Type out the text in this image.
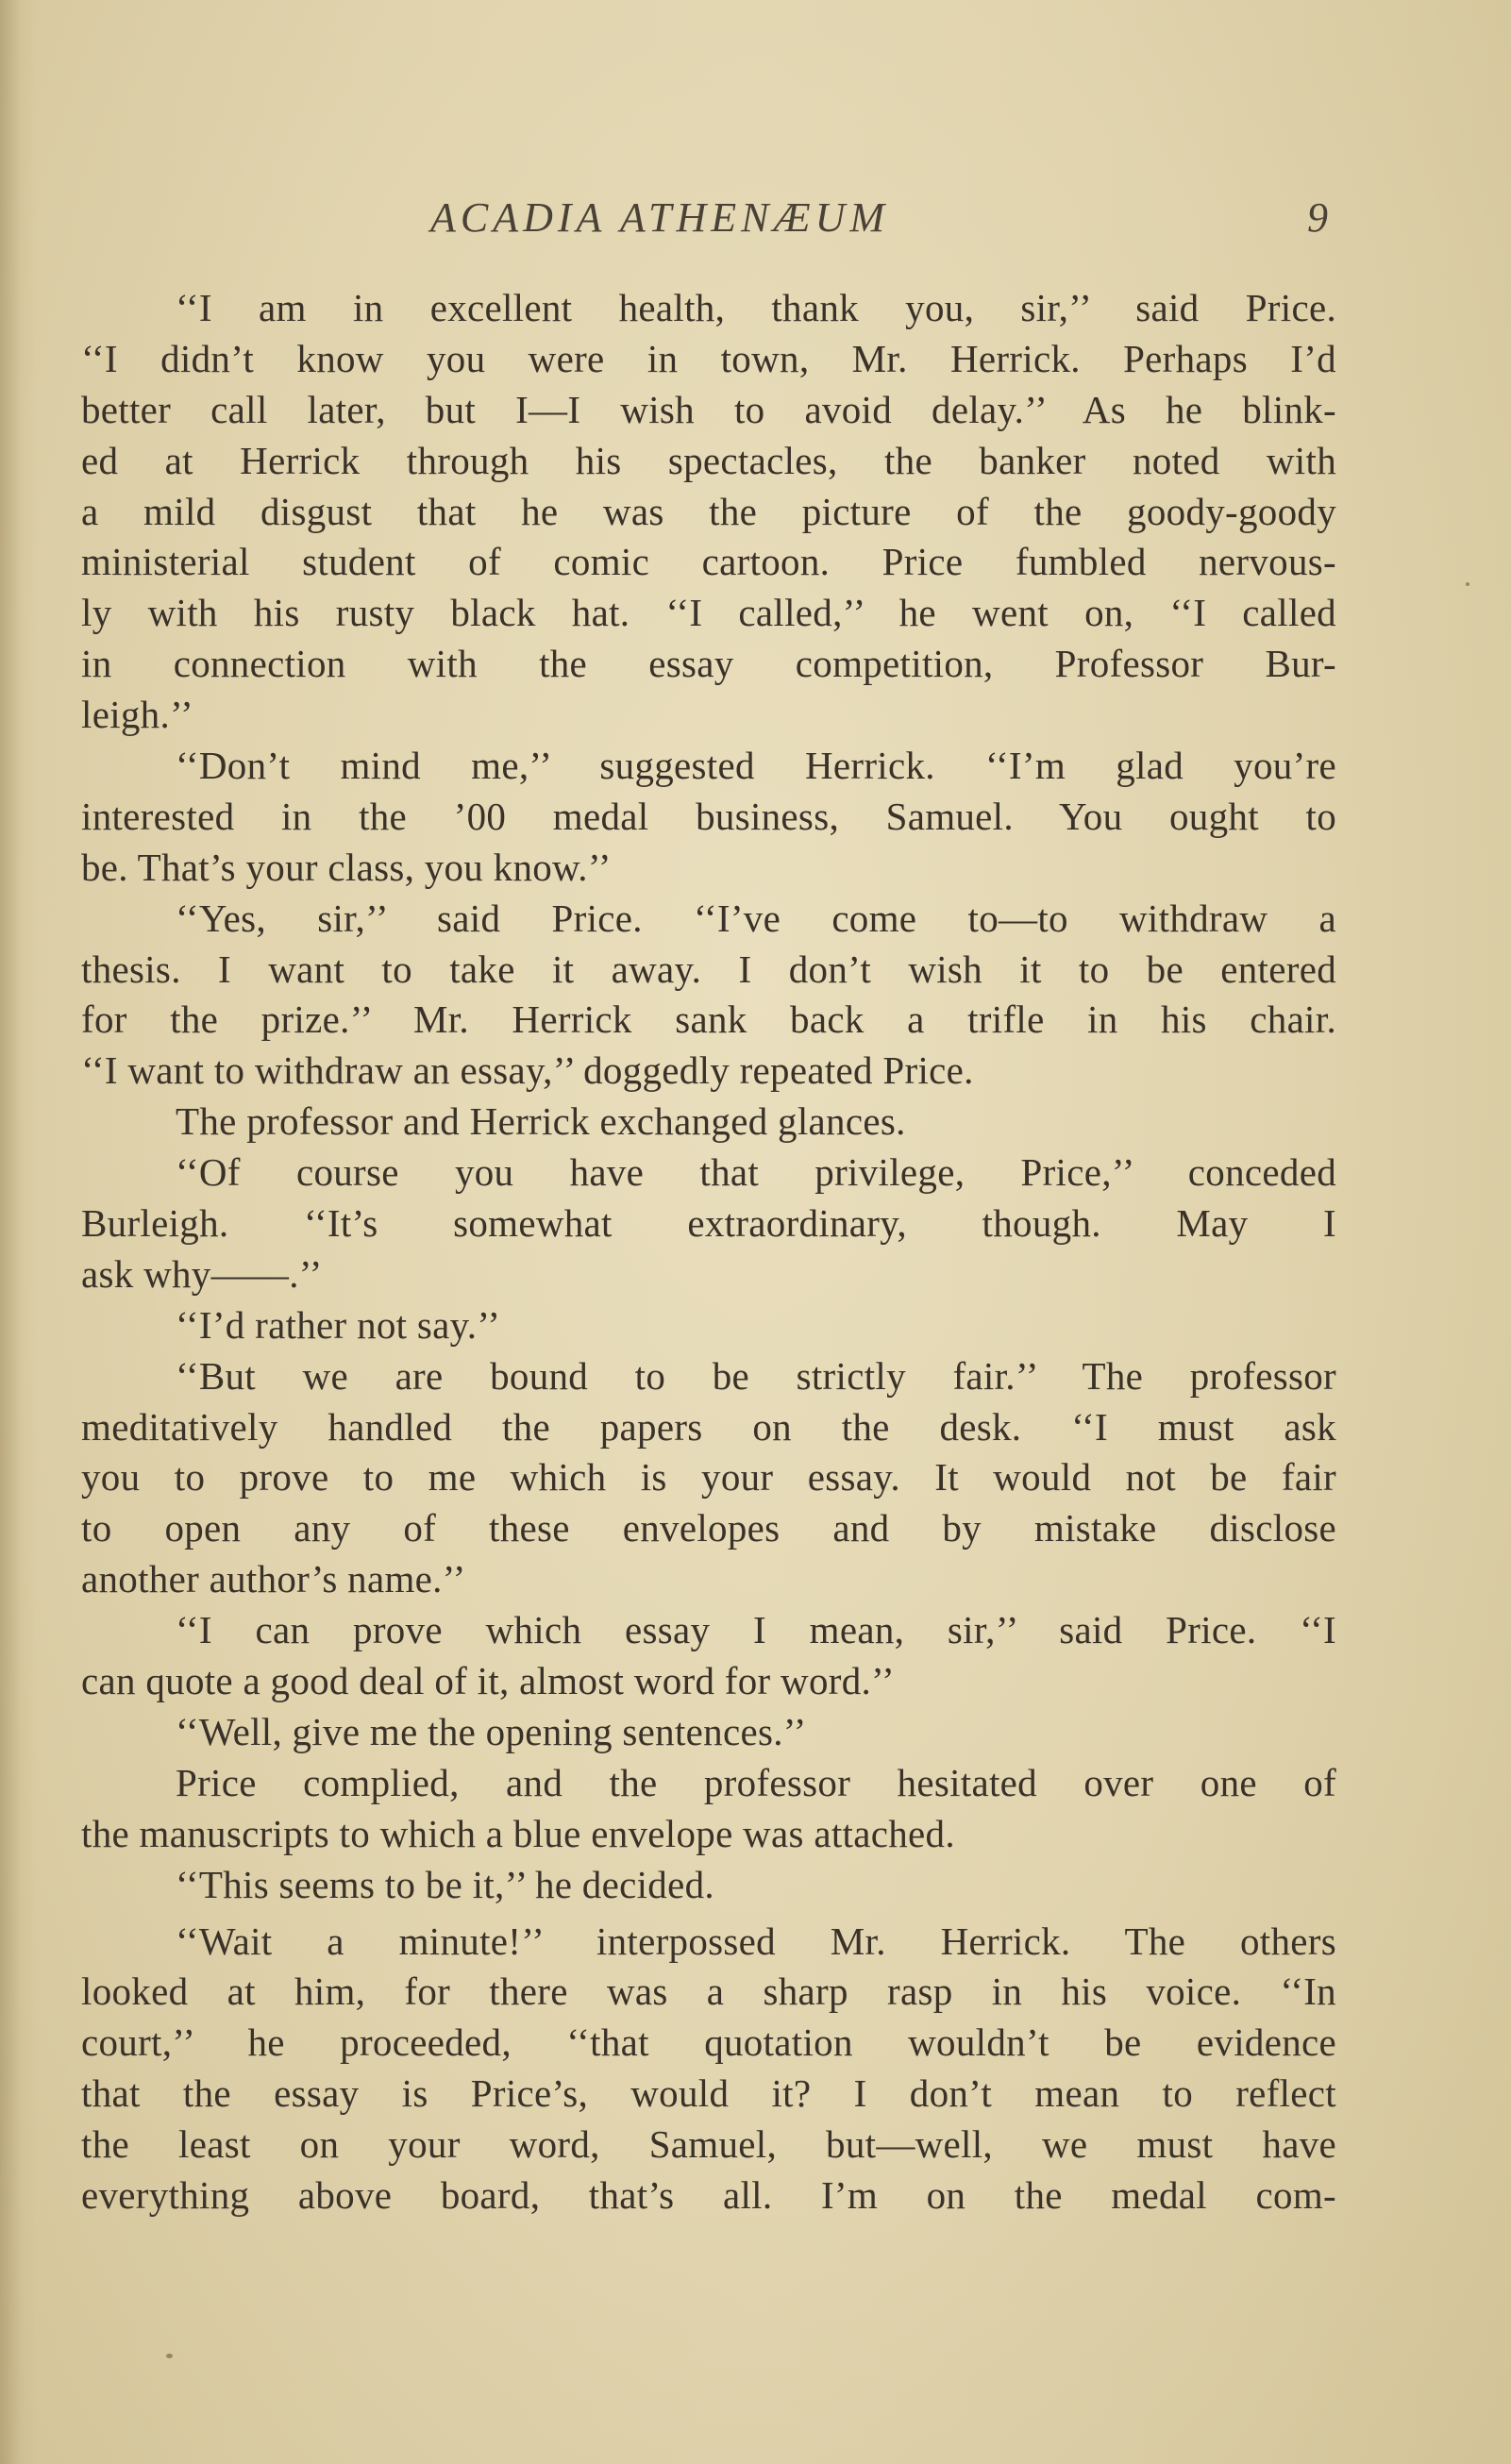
ACADIA ATHENÆUM	9
‘‘I am in excellent health, thank you, sir,’’ said Price.
‘‘I didn’t know you were in town, Mr. Herrick. Perhaps I’d
better call later, but I—I wish to avoid delay.’’ As he blink-
ed at Herrick through his spectacles, the banker noted with
a mild disgust that he was the picture of the goody-goody
ministerial student of comic cartoon. Price fumbled nervous-
ly with his rusty black hat. ‘‘I called,’’ he went on, ‘‘I called
in connection with the essay competition, Professor Bur-
leigh.’’
‘‘Don’t mind me,’’ suggested Herrick. ‘‘I’m glad you’re
interested in the ’00 medal business, Samuel. You ought to
be. That’s your class, you know.’’
‘‘Yes, sir,’’ said Price. ‘‘I’ve come to—to withdraw a
thesis. I want to take it away. I don’t wish it to be entered
for the prize.’’ Mr. Herrick sank back a trifle in his chair.
‘‘I want to withdraw an essay,’’ doggedly repeated Price.
The professor and Herrick exchanged glances.
‘‘Of course you have that privilege, Price,’’ conceded
Burleigh. ‘‘It’s somewhat extraordinary, though. May I
ask why——.’’
‘‘I’d rather not say.’’
‘‘But we are bound to be strictly fair.’’ The professor
meditatively handled the papers on the desk. ‘‘I must ask
you to prove to me which is your essay. It would not be fair
to open any of these envelopes and by mistake disclose
another author’s name.’’
‘‘I can prove which essay I mean, sir,’’ said Price. ‘‘I
can quote a good deal of it, almost word for word.’’
‘‘Well, give me the opening sentences.’’
Price complied, and the professor hesitated over one of
the manuscripts to which a blue envelope was attached.
‘‘This seems to be it,’’ he decided.
‘‘Wait a minute!’’ interpossed Mr. Herrick. The others
looked at him, for there was a sharp rasp in his voice. ‘‘In
court,’’ he proceeded, ‘‘that quotation wouldn’t be evidence
that the essay is Price’s, would it? I don’t mean to reflect
the least on your word, Samuel, but—well, we must have
everything above board, that’s all. I’m on the medal com-
